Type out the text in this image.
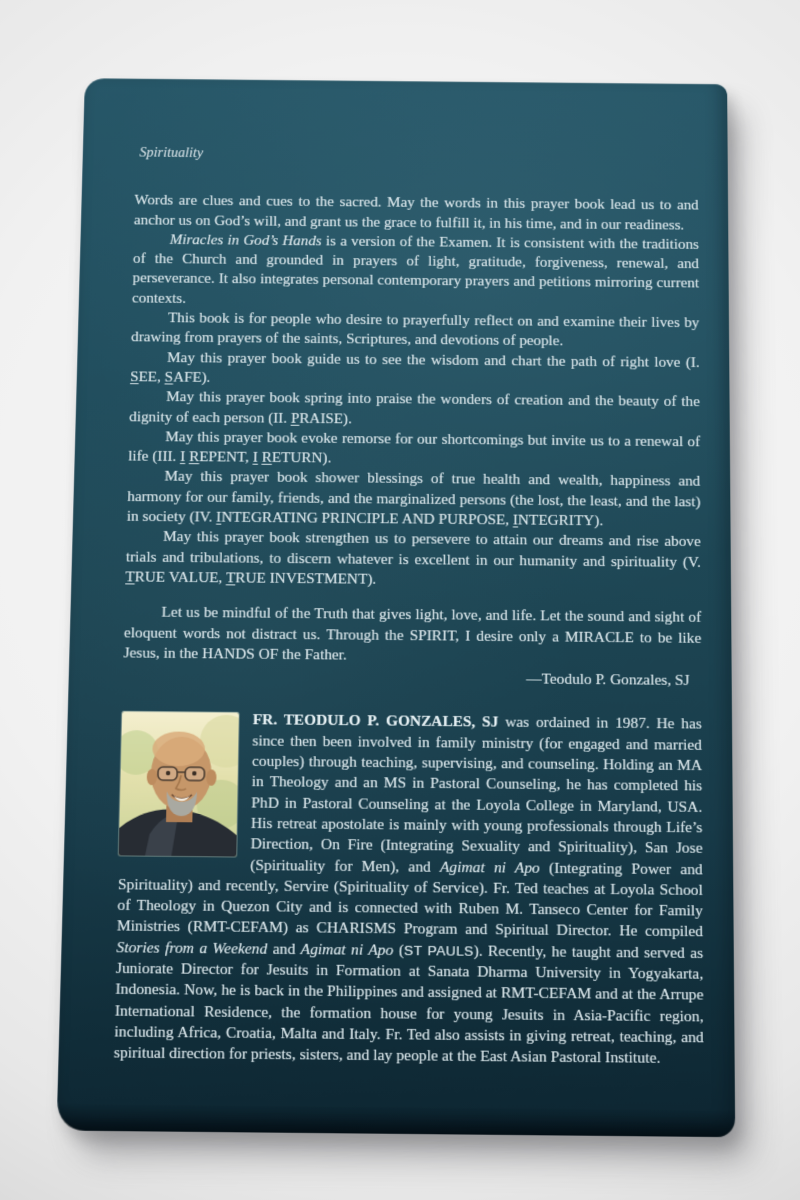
Spirituality

Words are clues and cues to the sacred. May the words in this prayer book lead us to and anchor us on God’s will, and grant us the grace to fulfill it, in his time, and in our readiness.

Miracles in God’s Hands is a version of the Examen. It is consistent with the traditions of the Church and grounded in prayers of light, gratitude, forgiveness, renewal, and perseverance. It also integrates personal contemporary prayers and petitions mirroring current contexts.

This book is for people who desire to prayerfully reflect on and examine their lives by drawing from prayers of the saints, Scriptures, and devotions of people.

May this prayer book guide us to see the wisdom and chart the path of right love (I. SEE, SAFE).

May this prayer book spring into praise the wonders of creation and the beauty of the dignity of each person (II. PRAISE).

May this prayer book evoke remorse for our shortcomings but invite us to a renewal of life (III. I REPENT, I RETURN).

May this prayer book shower blessings of true health and wealth, happiness and harmony for our family, friends, and the marginalized persons (the lost, the least, and the last) in society (IV. INTEGRATING PRINCIPLE AND PURPOSE, INTEGRITY).

May this prayer book strengthen us to persevere to attain our dreams and rise above trials and tribulations, to discern whatever is excellent in our humanity and spirituality (V. TRUE VALUE, TRUE INVESTMENT).

Let us be mindful of the Truth that gives light, love, and life. Let the sound and sight of eloquent words not distract us. Through the SPIRIT, I desire only a MIRACLE to be like Jesus, in the HANDS OF the Father.

—Teodulo P. Gonzales, SJ

FR. TEODULO P. GONZALES, SJ was ordained in 1987. He has since then been involved in family ministry (for engaged and married couples) through teaching, supervising, and counseling. Holding an MA in Theology and an MS in Pastoral Counseling, he has completed his PhD in Pastoral Counseling at the Loyola College in Maryland, USA. His retreat apostolate is mainly with young professionals through Life’s Direction, On Fire (Integrating Sexuality and Spirituality), San Jose (Spirituality for Men), and Agimat ni Apo (Integrating Power and Spirituality) and recently, Servire (Spirituality of Service). Fr. Ted teaches at Loyola School of Theology in Quezon City and is connected with Ruben M. Tanseco Center for Family Ministries (RMT-CEFAM) as CHARISMS Program and Spiritual Director. He compiled Stories from a Weekend and Agimat ni Apo (ST PAULS). Recently, he taught and served as Juniorate Director for Jesuits in Formation at Sanata Dharma University in Yogyakarta, Indonesia. Now, he is back in the Philippines and assigned at RMT-CEFAM and at the Arrupe International Residence, the formation house for young Jesuits in Asia-Pacific region, including Africa, Croatia, Malta and Italy. Fr. Ted also assists in giving retreat, teaching, and spiritual direction for priests, sisters, and lay people at the East Asian Pastoral Institute.
